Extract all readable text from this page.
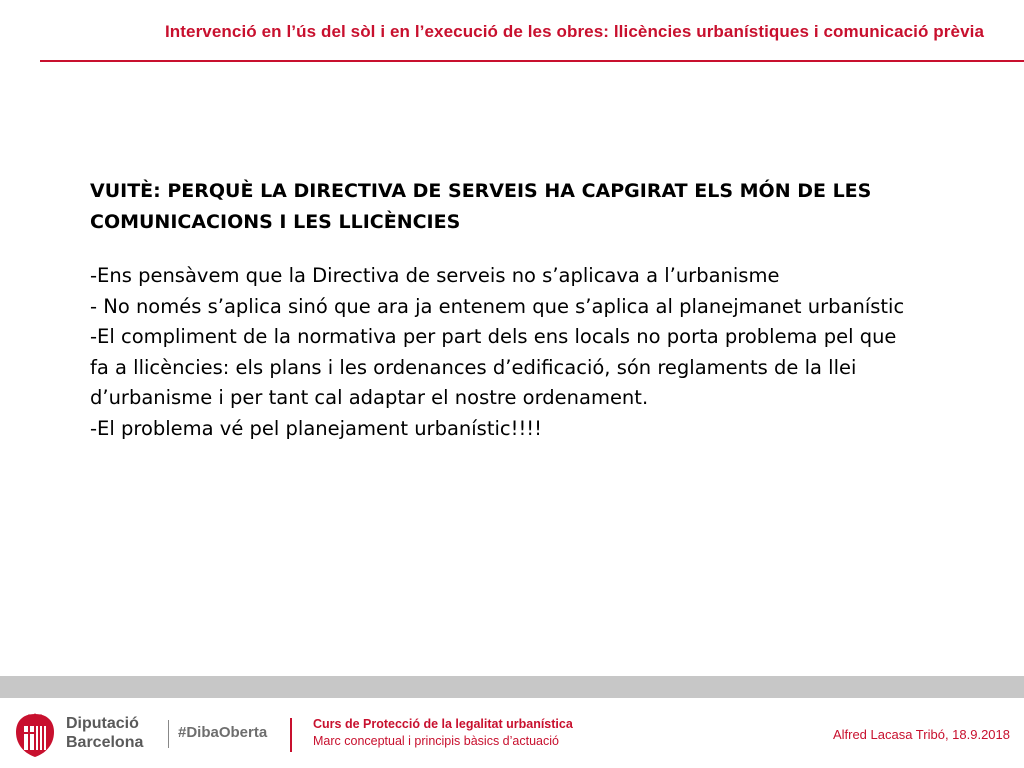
Intervenció en l’ús del sòl i en l’execució de les obres: llicències urbanístiques i comunicació prèvia

VUITÈ: PERQUÈ LA DIRECTIVA DE SERVEIS HA CAPGIRAT ELS MÓN DE LES COMUNICACIONS I LES LLICÈNCIES

-Ens pensàvem que la Directiva de serveis no s’aplicava a l’urbanisme

- No només s’aplica sinó que ara ja entenem que s’aplica al planejmanet urbanístic

-El compliment de la normativa per part dels ens locals no porta problema pel que fa a llicències: els plans i les ordenances d’edificació, són reglaments de la llei d’urbanisme i per tant cal adaptar el nostre ordenament.

-El problema vé pel planejament urbanístic!!!!

Diputació
Barcelona
#DibaOberta	Curs de Protecció de la legalitat urbanística
Marc conceptual i principis bàsics d’actuació	Alfred Lacasa Tribó, 18.9.2018
